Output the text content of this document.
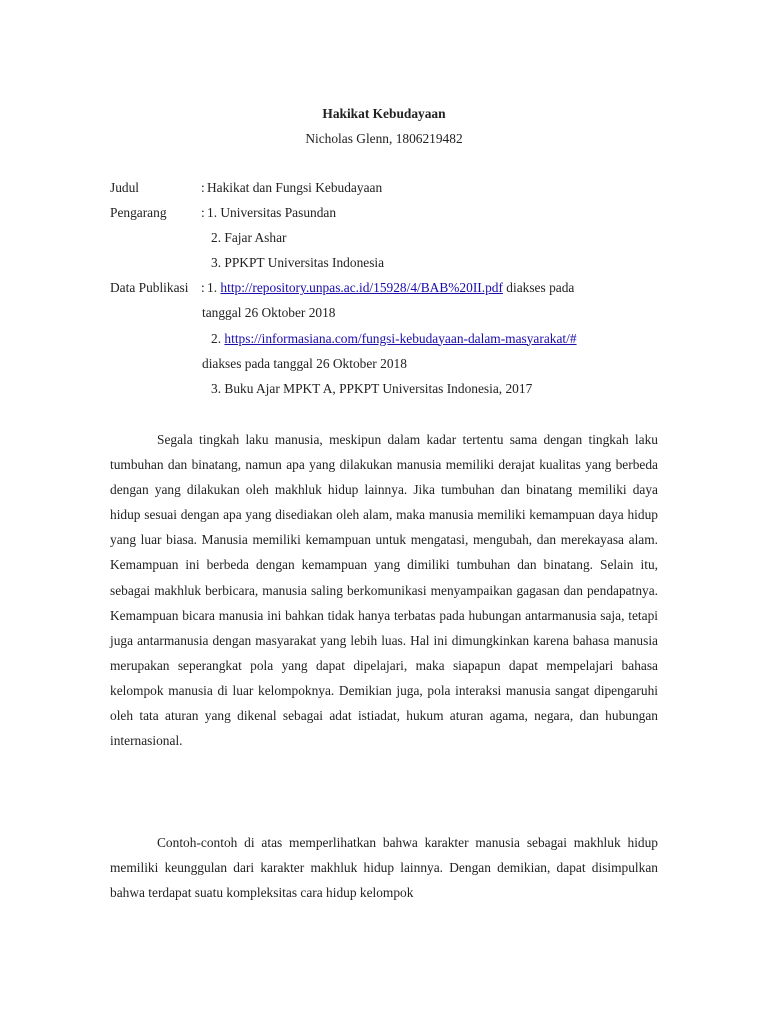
Hakikat Kebudayaan

Nicholas Glenn, 1806219482

Judul	: Hakikat dan Fungsi Kebudayaan
Pengarang	: 1. Universitas Pasundan
2. Fajar Ashar
3. PPKPT Universitas Indonesia
Data Publikasi : 1. http://repository.unpas.ac.id/15928/4/BAB%20II.pdf diakses pada
tanggal 26 Oktober 2018
2. https://informasiana.com/fungsi-kebudayaan-dalam-masyarakat/#
diakses pada tanggal 26 Oktober 2018
3. Buku Ajar MPKT A, PPKPT Universitas Indonesia, 2017

Segala tingkah laku manusia, meskipun dalam kadar tertentu sama dengan tingkah laku tumbuhan dan binatang, namun apa yang dilakukan manusia memiliki derajat kualitas yang berbeda dengan yang dilakukan oleh makhluk hidup lainnya. Jika tumbuhan dan binatang memiliki daya hidup sesuai dengan apa yang disediakan oleh alam, maka manusia memiliki kemampuan daya hidup yang luar biasa. Manusia memiliki kemampuan untuk mengatasi, mengubah, dan merekayasa alam. Kemampuan ini berbeda dengan kemampuan yang dimiliki tumbuhan dan binatang. Selain itu, sebagai makhluk berbicara, manusia saling berkomunikasi menyampaikan gagasan dan pendapatnya. Kemampuan bicara manusia ini bahkan tidak hanya terbatas pada hubungan antarmanusia saja, tetapi juga antarmanusia dengan masyarakat yang lebih luas. Hal ini dimungkinkan karena bahasa manusia merupakan seperangkat pola yang dapat dipelajari, maka siapapun dapat mempelajari bahasa kelompok manusia di luar kelompoknya. Demikian juga, pola interaksi manusia sangat dipengaruhi oleh tata aturan yang dikenal sebagai adat istiadat, hukum aturan agama, negara, dan hubungan internasional.

Contoh-contoh di atas memperlihatkan bahwa karakter manusia sebagai makhluk hidup memiliki keunggulan dari karakter makhluk hidup lainnya. Dengan demikian, dapat disimpulkan bahwa terdapat suatu kompleksitas cara hidup kelompok
